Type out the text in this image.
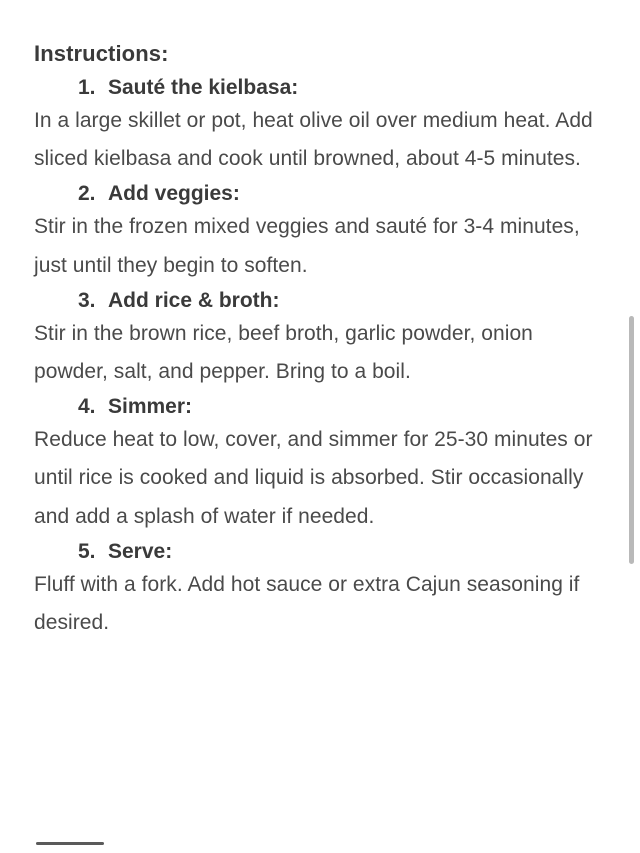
Instructions:
1. Sauté the kielbasa:

In a large skillet or pot, heat olive oil over medium heat. Add sliced kielbasa and cook until browned, about 4-5 minutes.

2. Add veggies:

Stir in the frozen mixed veggies and sauté for 3-4 minutes, just until they begin to soften.

3. Add rice & broth:

Stir in the brown rice, beef broth, garlic powder, onion powder, salt, and pepper. Bring to a boil.

4. Simmer:

Reduce heat to low, cover, and simmer for 25-30 minutes or until rice is cooked and liquid is absorbed. Stir occasionally and add a splash of water if needed.

5. Serve:

Fluff with a fork. Add hot sauce or extra Cajun seasoning if desired.
